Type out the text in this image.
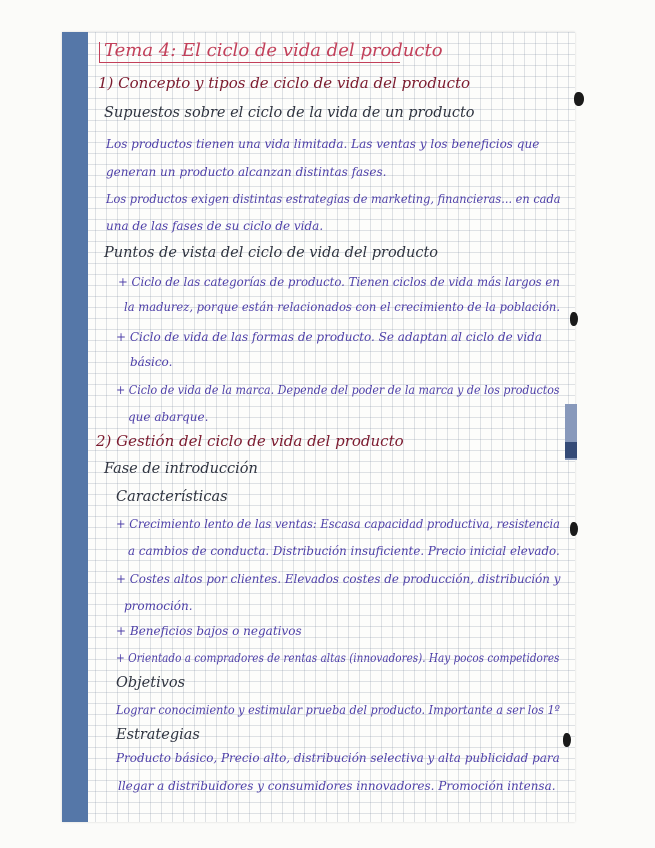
Tema 4: El ciclo de vida del producto
1) Concepto y tipos de ciclo de vida del producto
Supuestos sobre el ciclo de la vida de un producto
Los productos tienen una vida limitada. Las ventas y los beneficios que
generan un producto alcanzan distintas fases.
Los productos exigen distintas estrategias de marketing, financieras... en cada
una de las fases de su ciclo de vida.
Puntos de vista del ciclo de vida del producto
+ Ciclo de las categorías de producto. Tienen ciclos de vida más largos en
la madurez, porque están relacionados con el crecimiento de la población.
+ Ciclo de vida de las formas de producto. Se adaptan al ciclo de vida
básico.
+ Ciclo de vida de la marca. Depende del poder de la marca y de los productos
que abarque.
2) Gestión del ciclo de vida del producto
Fase de introducción
Características
+ Crecimiento lento de las ventas: Escasa capacidad productiva, resistencia
a cambios de conducta. Distribución insuficiente. Precio inicial elevado.
+ Costes altos por clientes. Elevados costes de producción, distribución y
promoción.
+ Beneficios bajos o negativos
+ Orientado a compradores de rentas altas (innovadores). Hay pocos competidores
Objetivos
Lograr conocimiento y estimular prueba del producto. Importante a ser los 1º
Estrategias
Producto básico, Precio alto, distribución selectiva y alta publicidad para
llegar a distribuidores y consumidores innovadores. Promoción intensa.
